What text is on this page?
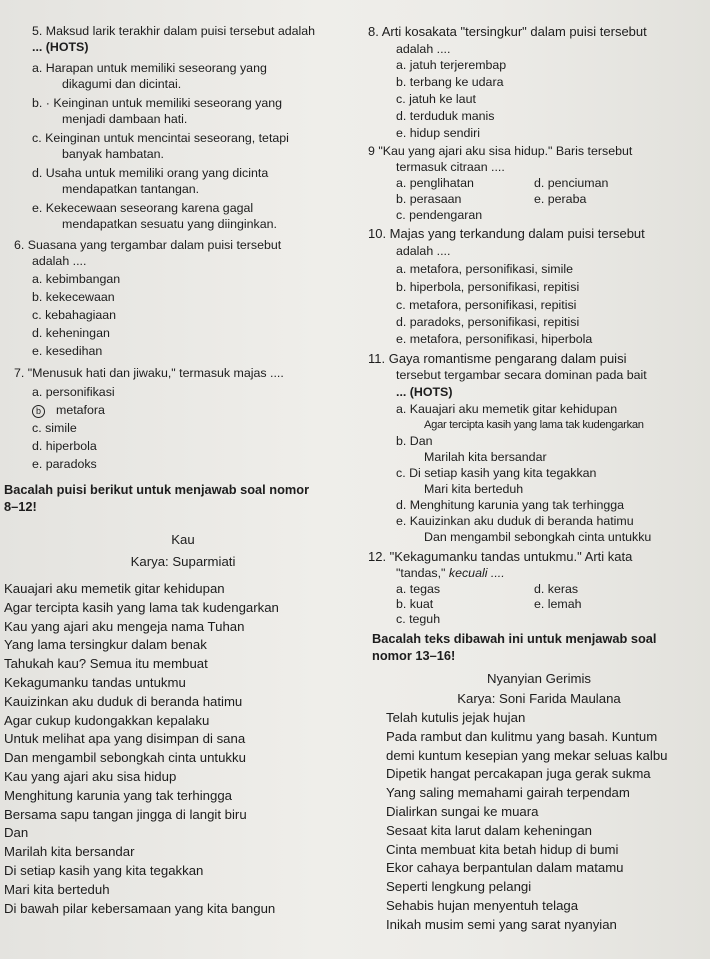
5. Maksud larik terakhir dalam puisi tersebut adalah
... (HOTS)
a. Harapan untuk memiliki seseorang yang
dikagumi dan dicintai.
b. · Keinginan untuk memiliki seseorang yang
menjadi dambaan hati.
c. Keinginan untuk mencintai seseorang, tetapi
banyak hambatan.
d. Usaha untuk memiliki orang yang dicinta
mendapatkan tantangan.
e. Kekecewaan seseorang karena gagal
mendapatkan sesuatu yang diinginkan.
6. Suasana yang tergambar dalam puisi tersebut
adalah ....
a. kebimbangan
b. kekecewaan
c. kebahagiaan
d. keheningan
e. kesedihan
7. "Menusuk hati dan jiwaku," termasuk majas ....
a. personifikasi
b metafora
c. simile
d. hiperbola
e. paradoks
Bacalah puisi berikut untuk menjawab soal nomor
8–12!
Kau
Karya: Suparmiati
Kauajari aku memetik gitar kehidupan
Agar tercipta kasih yang lama tak kudengarkan
Kau yang ajari aku mengeja nama Tuhan
Yang lama tersingkur dalam benak
Tahukah kau? Semua itu membuat
Kekagumanku tandas untukmu
Kauizinkan aku duduk di beranda hatimu
Agar cukup kudongakkan kepalaku
Untuk melihat apa yang disimpan di sana
Dan mengambil sebongkah cinta untukku
Kau yang ajari aku sisa hidup
Menghitung karunia yang tak terhingga
Bersama sapu tangan jingga di langit biru
Dan
Marilah kita bersandar
Di setiap kasih yang kita tegakkan
Mari kita berteduh
Di bawah pilar kebersamaan yang kita bangun
8. Arti kosakata "tersingkur" dalam puisi tersebut
adalah ....
a. jatuh terjerembap
b. terbang ke udara
c. jatuh ke laut
d. terduduk manis
e. hidup sendiri
9 "Kau yang ajari aku sisa hidup." Baris tersebut
termasuk citraan ....
a. penglihatan	d. penciuman
b. perasaan	e. peraba
c. pendengaran
10. Majas yang terkandung dalam puisi tersebut
adalah ....
a. metafora, personifikasi, simile
b. hiperbola, personifikasi, repitisi
c. metafora, personifikasi, repitisi
d. paradoks, personifikasi, repitisi
e. metafora, personifikasi, hiperbola
11. Gaya romantisme pengarang dalam puisi
tersebut tergambar secara dominan pada bait
... (HOTS)
a. Kauajari aku memetik gitar kehidupan
Agar tercipta kasih yang lama tak kudengarkan
b. Dan
Marilah kita bersandar
c. Di setiap kasih yang kita tegakkan
Mari kita berteduh
d. Menghitung karunia yang tak terhingga
e. Kauizinkan aku duduk di beranda hatimu
Dan mengambil sebongkah cinta untukku
12. "Kekagumanku tandas untukmu." Arti kata
"tandas," kecuali ....
a. tegas	d. keras
b. kuat	e. lemah
c. teguh
Bacalah teks dibawah ini untuk menjawab soal
nomor 13–16!
Nyanyian Gerimis
Karya: Soni Farida Maulana
Telah kutulis jejak hujan
Pada rambut dan kulitmu yang basah. Kuntum
demi kuntum kesepian yang mekar seluas kalbu
Dipetik hangat percakapan juga gerak sukma
Yang saling memahami gairah terpendam
Dialirkan sungai ke muara
Sesaat kita larut dalam keheningan
Cinta membuat kita betah hidup di bumi
Ekor cahaya berpantulan dalam matamu
Seperti lengkung pelangi
Sehabis hujan menyentuh telaga
Inikah musim semi yang sarat nyanyian
